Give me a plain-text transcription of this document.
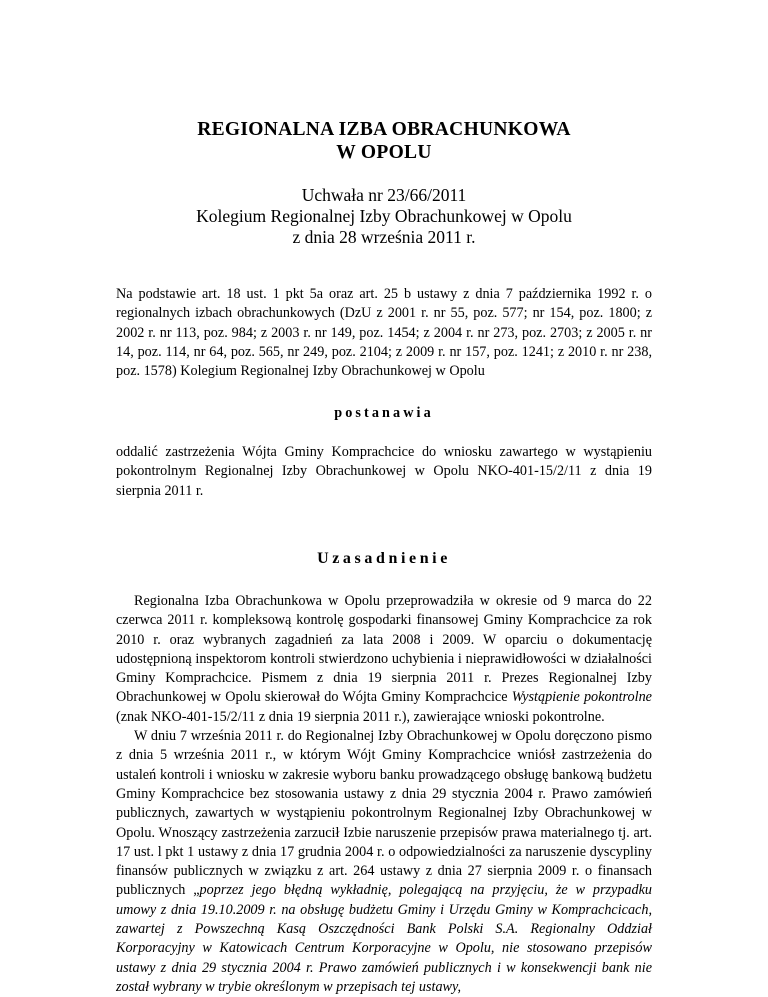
REGIONALNA IZBA OBRACHUNKOWA
W OPOLU
Uchwała nr 23/66/2011
Kolegium Regionalnej Izby Obrachunkowej w Opolu
z dnia 28 września 2011 r.
Na podstawie art. 18 ust. 1 pkt 5a oraz art. 25 b ustawy z dnia 7 października 1992 r. o regionalnych izbach obrachunkowych (DzU z 2001 r. nr 55, poz. 577; nr 154, poz. 1800; z 2002 r. nr 113, poz. 984; z 2003 r. nr 149, poz. 1454; z 2004 r. nr 273, poz. 2703; z 2005 r. nr 14, poz. 114, nr 64, poz. 565, nr 249, poz. 2104; z 2009 r. nr 157, poz. 1241; z 2010 r. nr 238, poz. 1578) Kolegium Regionalnej Izby Obrachunkowej w Opolu
postanawia
oddalić zastrzeżenia Wójta Gminy Komprachcice do wniosku zawartego w wystąpieniu pokontrolnym Regionalnej Izby Obrachunkowej w Opolu NKO-401-15/2/11 z dnia 19 sierpnia 2011 r.
Uzasadnienie

Regionalna Izba Obrachunkowa w Opolu przeprowadziła w okresie od 9 marca do 22 czerwca 2011 r. kompleksową kontrolę gospodarki finansowej Gminy Komprachcice za rok 2010 r. oraz wybranych zagadnień za lata 2008 i 2009. W oparciu o dokumentację udostępnioną inspektorom kontroli stwierdzono uchybienia i nieprawidłowości w działalności Gminy Komprachcice. Pismem z dnia 19 sierpnia 2011 r. Prezes Regionalnej Izby Obrachunkowej w Opolu skierował do Wójta Gminy Komprachcice Wystąpienie pokontrolne (znak NKO-401-15/2/11 z dnia 19 sierpnia 2011 r.), zawierające wnioski pokontrolne.

W dniu 7 września 2011 r. do Regionalnej Izby Obrachunkowej w Opolu doręczono pismo z dnia 5 września 2011 r., w którym Wójt Gminy Komprachcice wniósł zastrzeżenia do ustaleń kontroli i wniosku w zakresie wyboru banku prowadzącego obsługę bankową budżetu Gminy Komprachcice bez stosowania ustawy z dnia 29 stycznia 2004 r. Prawo zamówień publicznych, zawartych w wystąpieniu pokontrolnym Regionalnej Izby Obrachunkowej w Opolu. Wnoszący zastrzeżenia zarzucił Izbie naruszenie przepisów prawa materialnego tj. art. 17 ust. l pkt 1 ustawy z dnia 17 grudnia 2004 r. o odpowiedzialności za naruszenie dyscypliny finansów publicznych w związku z art. 264 ustawy z dnia 27 sierpnia 2009 r. o finansach publicznych „poprzez jego błędną wykładnię, polegającą na przyjęciu, że w przypadku umowy z dnia 19.10.2009 r. na obsługę budżetu Gminy i Urzędu Gminy w Komprachcicach, zawartej z Powszechną Kasą Oszczędności Bank Polski S.A. Regionalny Oddział Korporacyjny w Katowicach Centrum Korporacyjne w Opolu, nie stosowano przepisów ustawy z dnia 29 stycznia 2004 r. Prawo zamówień publicznych i w konsekwencji bank nie został wybrany w trybie określonym w przepisach tej ustawy,
